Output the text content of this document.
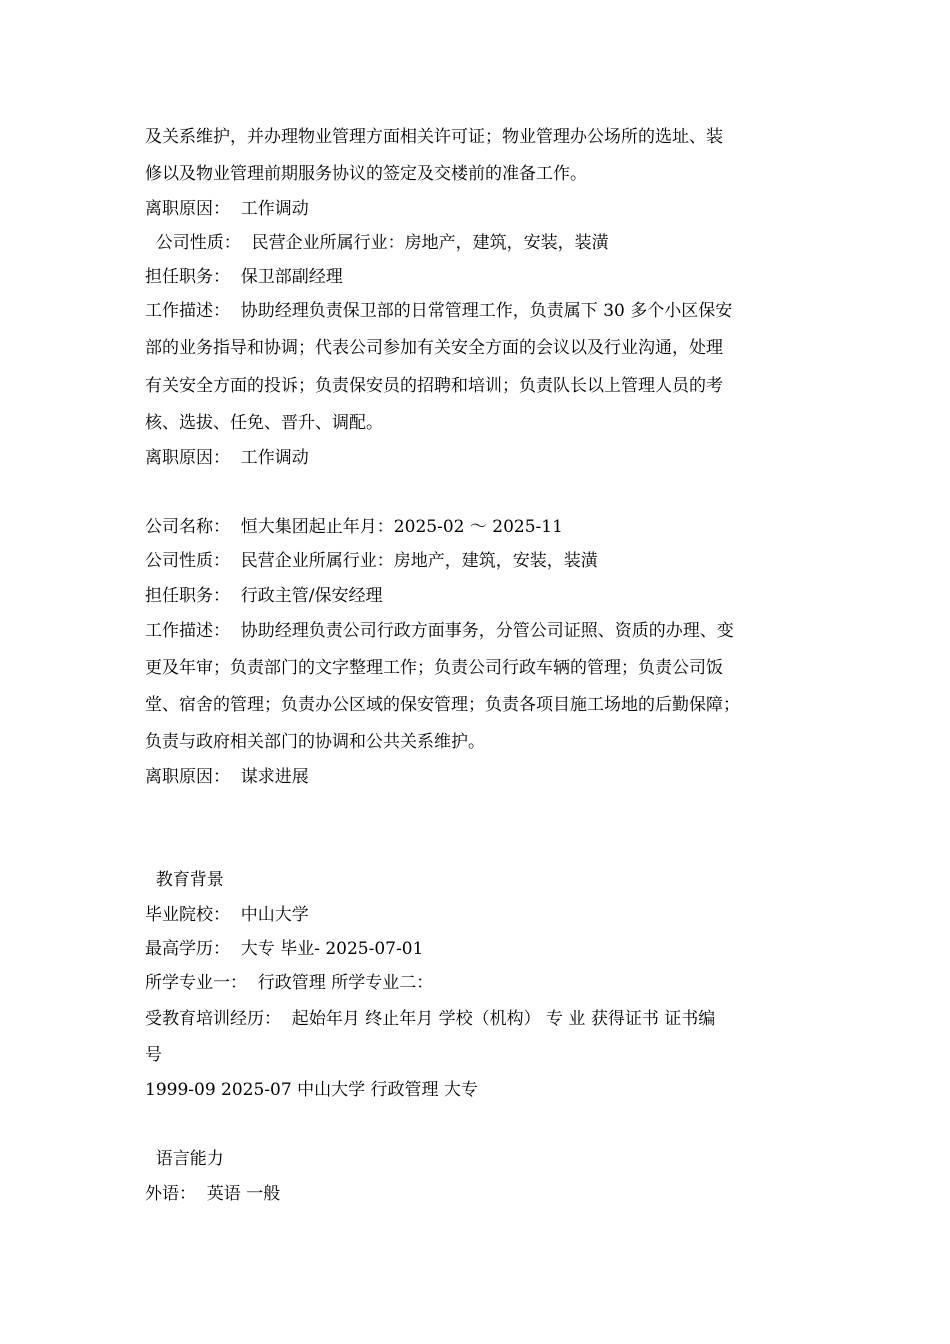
及关系维护，并办理物业管理方面相关许可证；物业管理办公场所的选址、装
修以及物业管理前期服务协议的签定及交楼前的准备工作。
离职原因：  工作调动
公司性质：  民营企业所属行业：房地产，建筑，安装，装潢
担任职务：  保卫部副经理
工作描述：  协助经理负责保卫部的日常管理工作，负责属下 30 多个小区保安
部的业务指导和协调；代表公司参加有关安全方面的会议以及行业沟通，处理
有关安全方面的投诉；负责保安员的招聘和培训；负责队长以上管理人员的考
核、选拔、任免、晋升、调配。
离职原因：  工作调动
公司名称：  恒大集团起止年月：2025-02 ～ 2025-11
公司性质：  民营企业所属行业：房地产，建筑，安装，装潢
担任职务：  行政主管/保安经理
工作描述：  协助经理负责公司行政方面事务，分管公司证照、资质的办理、变
更及年审；负责部门的文字整理工作；负责公司行政车辆的管理；负责公司饭
堂、宿舍的管理；负责办公区域的保安管理；负责各项目施工场地的后勤保障；
负责与政府相关部门的协调和公共关系维护。
离职原因：  谋求进展
教育背景
毕业院校：  中山大学
最高学历：  大专 毕业- 2025-07-01
所学专业一：  行政管理 所学专业二：
受教育培训经历：  起始年月 终止年月 学校（机构） 专 业 获得证书 证书编
号
1999-09 2025-07 中山大学 行政管理 大专
语言能力
外语：  英语 一般
